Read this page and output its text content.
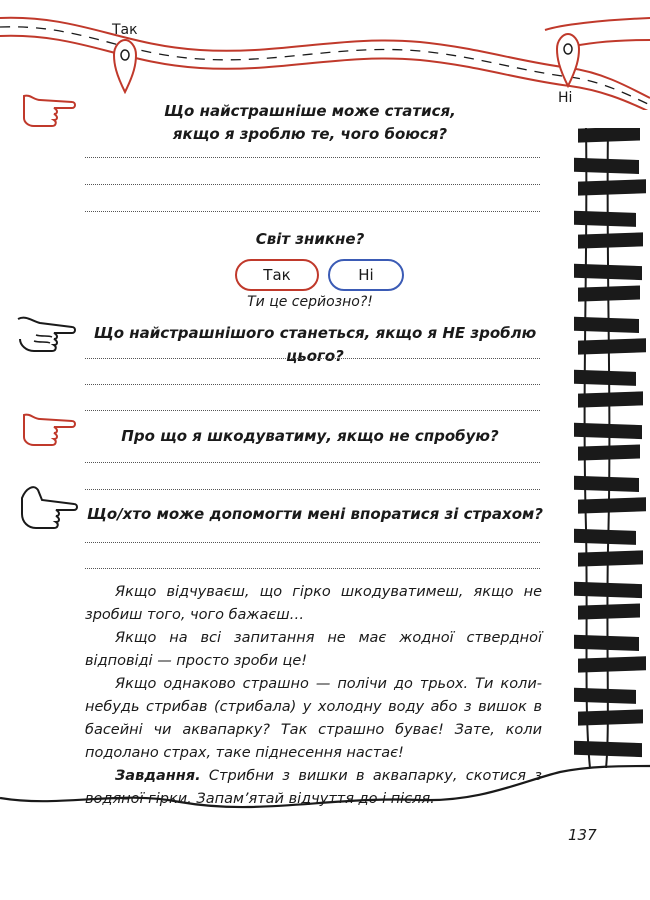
Так
Ні
Що найстрашніше може статися,
якщо я зроблю те, чого боюся?
Світ зникне?
Так	Ні
Ти це серйозно?!
Що найстрашнішого станеться, якщо я НЕ зроблю цього?
Про що я шкодуватиму, якщо не спробую?
Що/хто може допомогти мені впоратися зі страхом?

Якщо відчуваєш, що гірко шкодуватимеш, якщо не зробиш того, чого бажаєш…

Якщо на всі запитання не має жодної ствердної відповіді — просто зроби це!

Якщо однаково страшно — полічи до трьох. Ти коли-небудь стрибав (стрибала) у холодну воду або з вишок в басейні чи аквапарку? Так страшно буває! Зате, коли подолано страх, таке піднесення настає!

Завдання. Стрибни з вишки в аквапарку, скотися з водяної гірки. Запам’ятай відчуття до і після.

137
